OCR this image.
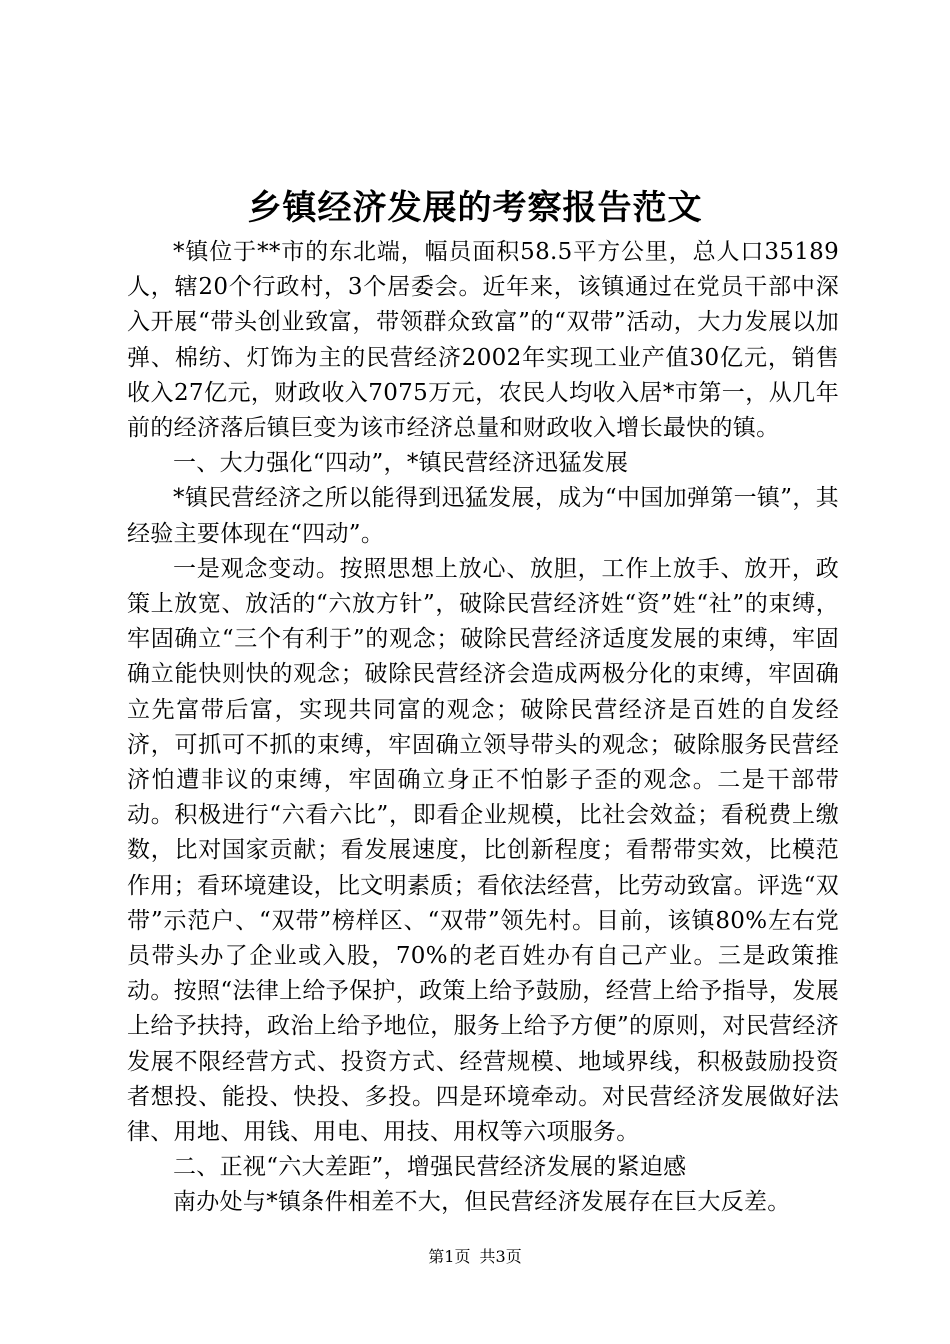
乡镇经济发展的考察报告范文

*镇位于**市的东北端，幅员面积58.5平方公里，总人口35189人，辖20个行政村，3个居委会。近年来，该镇通过在党员干部中深入开展“带头创业致富，带领群众致富”的“双带”活动，大力发展以加弹、棉纺、灯饰为主的民营经济2002年实现工业产值30亿元，销售收入27亿元，财政收入7075万元，农民人均收入居*市第一，从几年前的经济落后镇巨变为该市经济总量和财政收入增长最快的镇。

一、大力强化“四动”，*镇民营经济迅猛发展

*镇民营经济之所以能得到迅猛发展，成为“中国加弹第一镇”，其经验主要体现在“四动”。

一是观念变动。按照思想上放心、放胆，工作上放手、放开，政策上放宽、放活的“六放方针”，破除民营经济姓“资”姓“社”的束缚，牢固确立“三个有利于”的观念；破除民营经济适度发展的束缚，牢固确立能快则快的观念；破除民营经济会造成两极分化的束缚，牢固确立先富带后富，实现共同富的观念；破除民营经济是百姓的自发经济，可抓可不抓的束缚，牢固确立领导带头的观念；破除服务民营经济怕遭非议的束缚，牢固确立身正不怕影子歪的观念。二是干部带动。积极进行“六看六比”，即看企业规模，比社会效益；看税费上缴数，比对国家贡献；看发展速度，比创新程度；看帮带实效，比模范作用；看环境建设，比文明素质；看依法经营，比劳动致富。评选“双带”示范户、“双带”榜样区、“双带”领先村。目前，该镇80%左右党员带头办了企业或入股，70%的老百姓办有自己产业。三是政策推动。按照“法律上给予保护，政策上给予鼓励，经营上给予指导，发展上给予扶持，政治上给予地位，服务上给予方便”的原则，对民营经济发展不限经营方式、投资方式、经营规模、地域界线，积极鼓励投资者想投、能投、快投、多投。四是环境牵动。对民营经济发展做好法律、用地、用钱、用电、用技、用权等六项服务。

二、正视“六大差距”，增强民营经济发展的紧迫感

南办处与*镇条件相差不大，但民营经济发展存在巨大反差。

第1页 共3页
